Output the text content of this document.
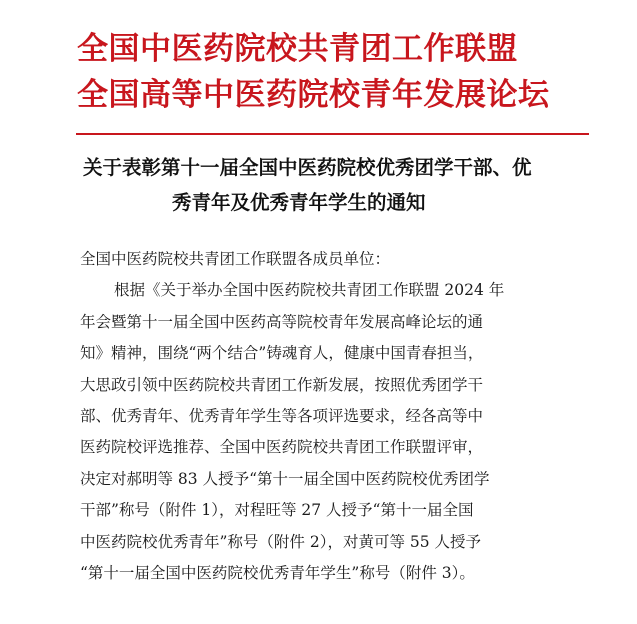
全国中医药院校共青团工作联盟
全国高等中医药院校青年发展论坛
关于表彰第十一届全国中医药院校优秀团学干部、优
秀青年及优秀青年学生的通知
全国中医药院校共青团工作联盟各成员单位：
根据《关于举办全国中医药院校共青团工作联盟 2024 年
年会暨第十一届全国中医药高等院校青年发展高峰论坛的通
知》精神，围绕“两个结合”铸魂育人，健康中国青春担当，
大思政引领中医药院校共青团工作新发展，按照优秀团学干
部、优秀青年、优秀青年学生等各项评选要求，经各高等中
医药院校评选推荐、全国中医药院校共青团工作联盟评审，
决定对郝明等 83 人授予“第十一届全国中医药院校优秀团学
干部”称号（附件 1），对程旺等 27 人授予“第十一届全国
中医药院校优秀青年”称号（附件 2），对黄可等 55 人授予
“第十一届全国中医药院校优秀青年学生”称号（附件 3）。
